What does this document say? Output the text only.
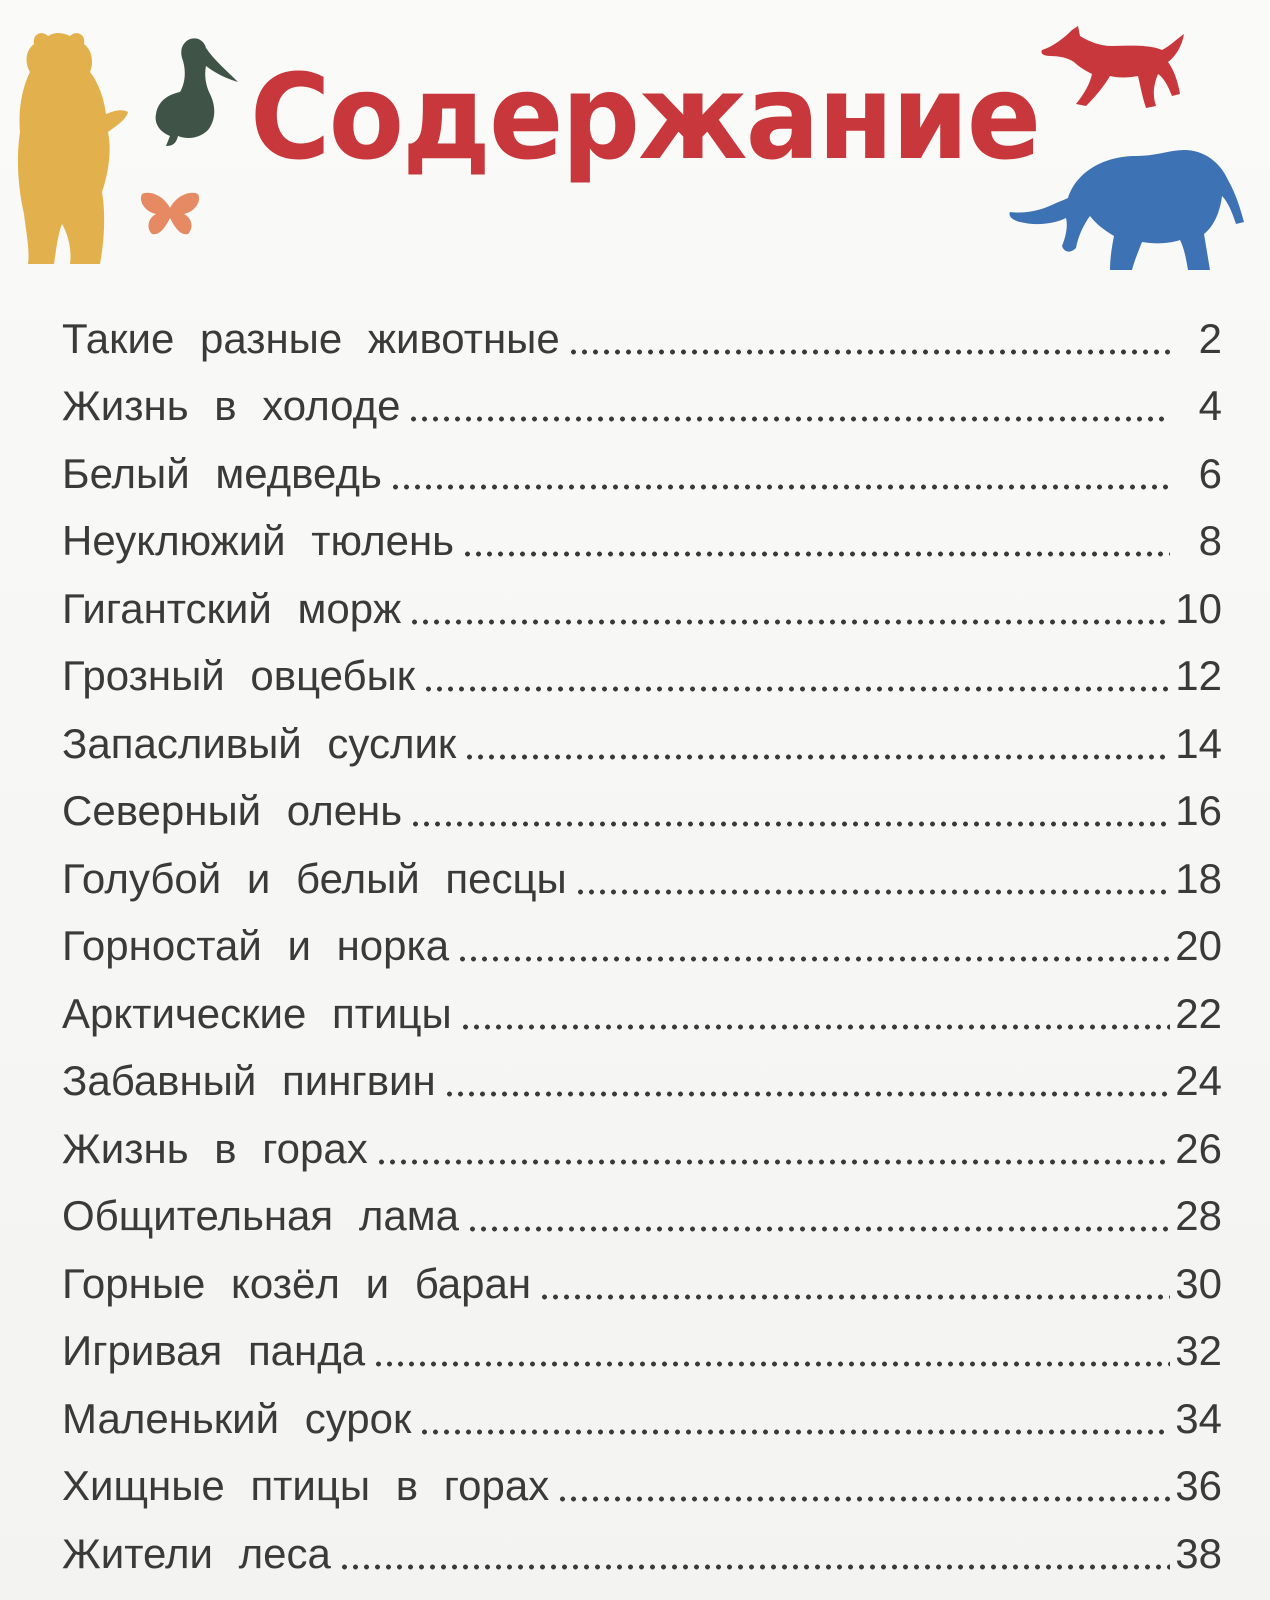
Содержание
Такие разные животные	2
Жизнь в холоде	4
Белый медведь	6
Неуклюжий тюлень	8
Гигантский морж	10
Грозный овцебык	12
Запасливый суслик	14
Северный олень	16
Голубой и белый песцы	18
Горностай и норка	20
Арктические птицы	22
Забавный пингвин	24
Жизнь в горах	26
Общительная лама	28
Горные козёл и баран	30
Игривая панда	32
Маленький сурок	34
Хищные птицы в горах	36
Жители леса	38
